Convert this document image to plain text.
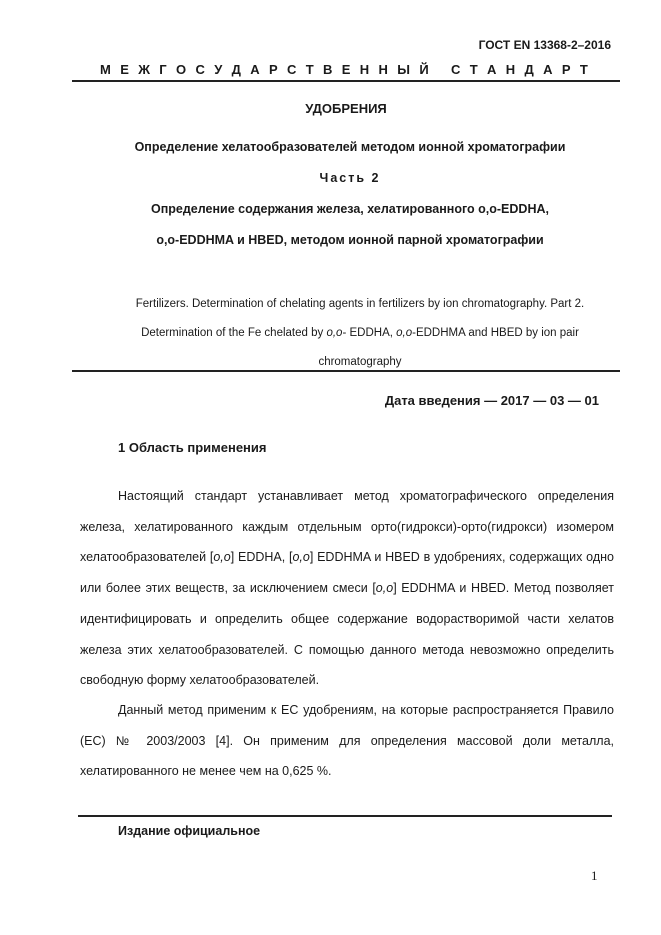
ГОСТ EN 13368-2–2016
М Е Ж Г О С У Д А Р С Т В Е Н Н Ы Й
С Т А Н Д А Р Т
УДОБРЕНИЯ
Определение хелатообразователей методом ионной хроматографии
Часть 2
Определение содержания железа, хелатированного o,o-EDDHA,
o,o-EDDHMA и HBED, методом ионной парной хроматографии
Fertilizers. Determination of chelating agents in fertilizers by ion chromatography. Part 2.
Determination of the Fe chelated by o,o- EDDHA, o,o-EDDHMA and HBED by ion pair
chromatography
Дата введения — 2017 — 03 — 01
1 Область применения
Настоящий стандарт устанавливает метод хроматографического определения железа, хелатированного каждым отдельным орто(гидрокси)-орто(гидрокси) изомером хелатообразователей [o,o] EDDHA, [o,o] EDDHMA и HBED в удобрениях, содержащих одно или более этих веществ, за исключением смеси [o,o] EDDHMA и HBED. Метод позволяет идентифицировать и определить общее содержание водорастворимой части хелатов железа этих хелатообразователей. С помощью данного метода невозможно определить свободную форму хелатообразователей.
Данный метод применим к ЕС удобрениям, на которые распространяется Правило (ЕС) № 2003/2003 [4]. Он применим для определения массовой доли металла, хелатированного не менее чем на 0,625 %.
Издание официальное
1
